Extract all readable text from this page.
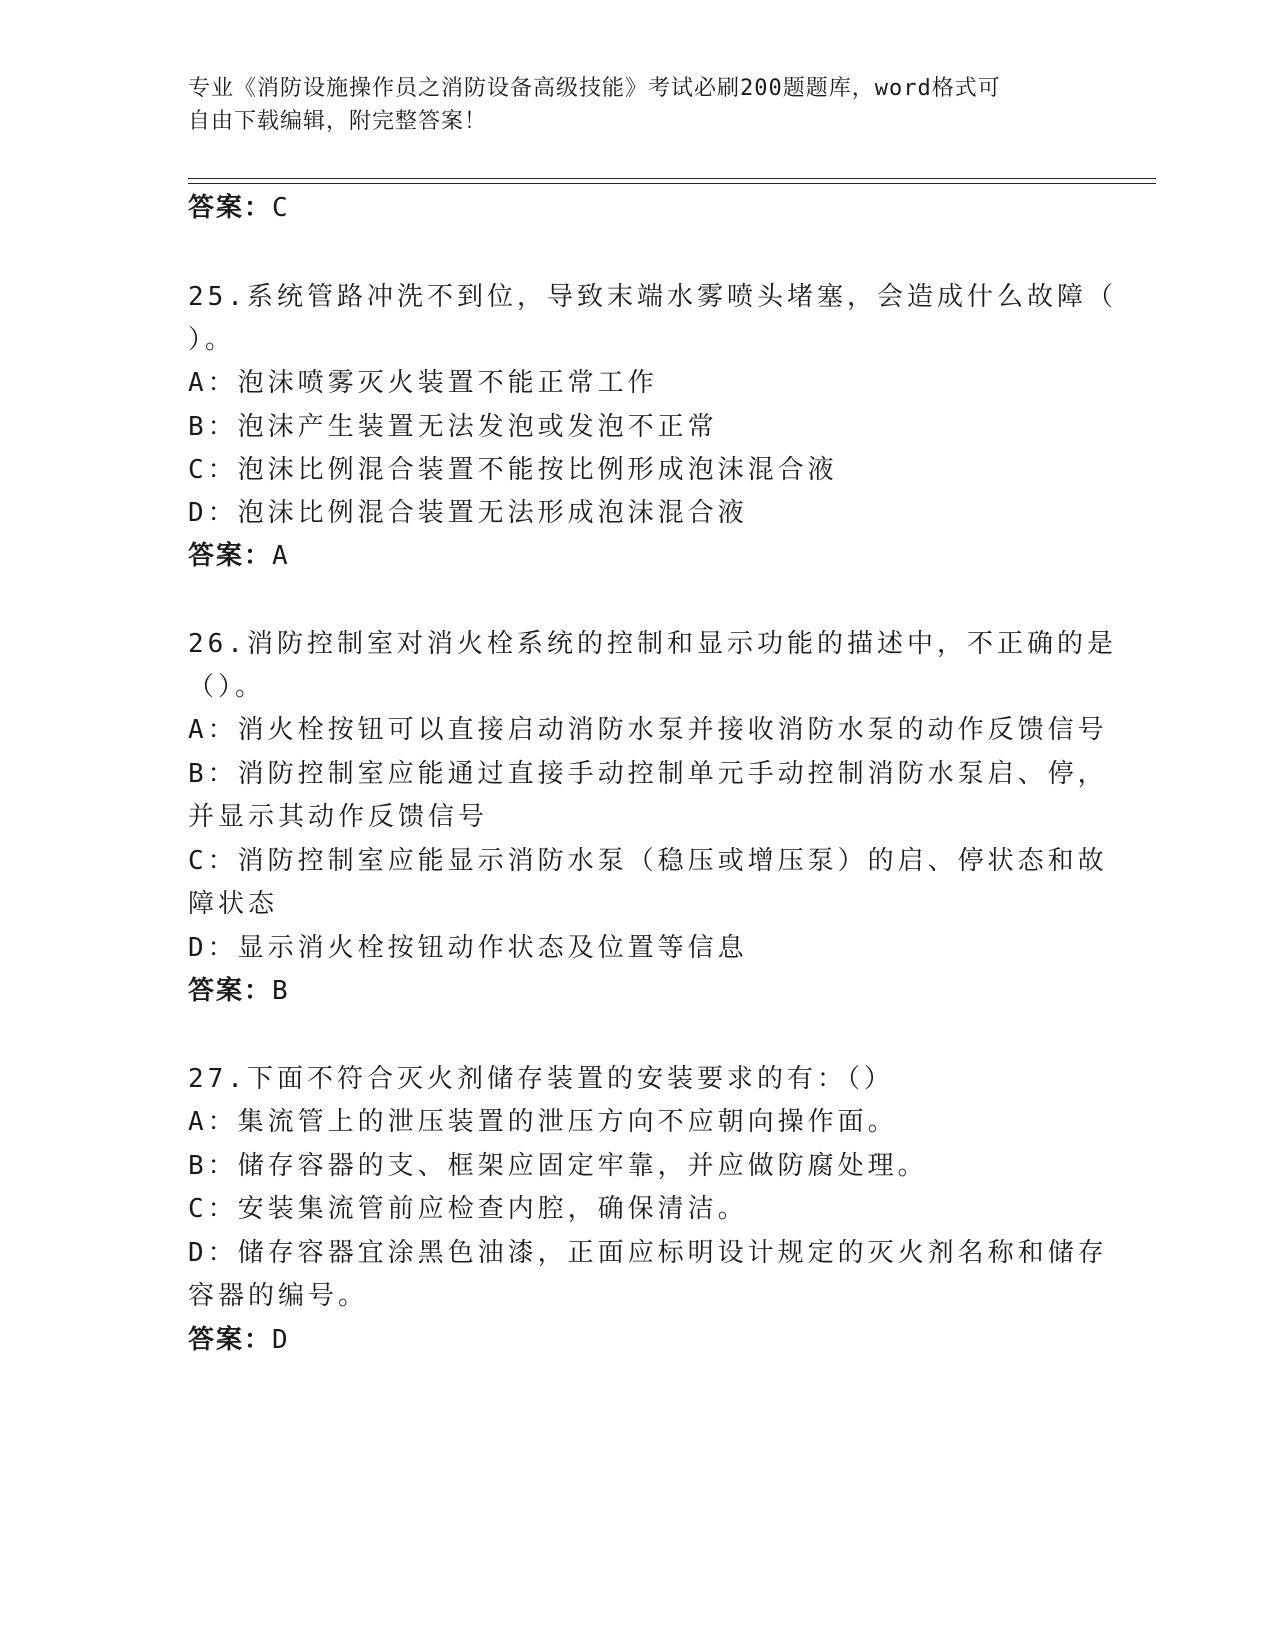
专业《消防设施操作员之消防设备高级技能》考试必刷200题题库，word格式可
自由下载编辑，附完整答案！
答案：C
25.系统管路冲洗不到位，导致末端水雾喷头堵塞，会造成什么故障（
）。
A：泡沫喷雾灭火装置不能正常工作
B：泡沫产生装置无法发泡或发泡不正常
C：泡沫比例混合装置不能按比例形成泡沫混合液
D：泡沫比例混合装置无法形成泡沫混合液
答案：A
26.消防控制室对消火栓系统的控制和显示功能的描述中，不正确的是
（）。
A：消火栓按钮可以直接启动消防水泵并接收消防水泵的动作反馈信号
B：消防控制室应能通过直接手动控制单元手动控制消防水泵启、停，
并显示其动作反馈信号
C：消防控制室应能显示消防水泵（稳压或增压泵）的启、停状态和故
障状态
D：显示消火栓按钮动作状态及位置等信息
答案：B
27.下面不符合灭火剂储存装置的安装要求的有：（）
A：集流管上的泄压装置的泄压方向不应朝向操作面。
B：储存容器的支、框架应固定牢靠，并应做防腐处理。
C：安装集流管前应检查内腔，确保清洁。
D：储存容器宜涂黑色油漆，正面应标明设计规定的灭火剂名称和储存
容器的编号。
答案：D
